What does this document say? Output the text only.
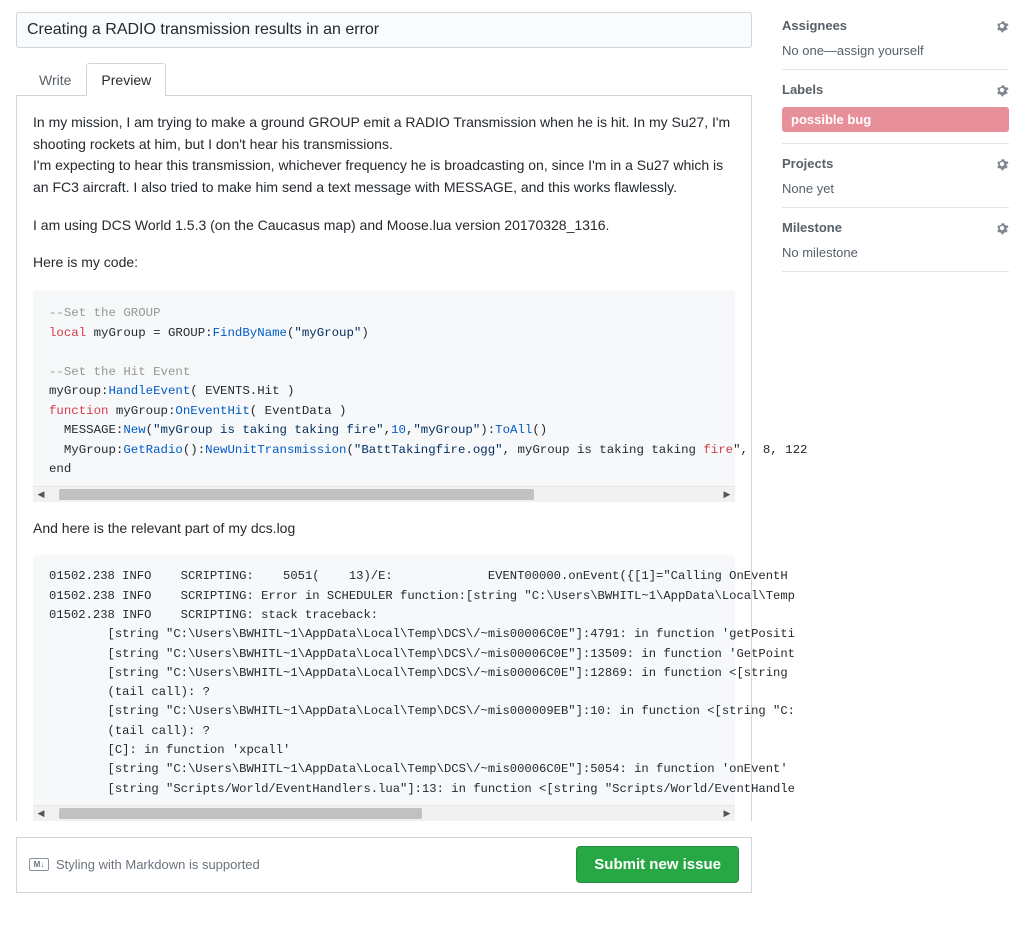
Creating a RADIO transmission results in an error
Write	Preview

In my mission, I am trying to make a ground GROUP emit a RADIO Transmission when he is hit. In my Su27, I'm shooting rockets at him, but I don't hear his transmissions.
I'm expecting to hear this transmission, whichever frequency he is broadcasting on, since I'm in a Su27 which is an FC3 aircraft. I also tried to make him send a text message with MESSAGE, and this works flawlessly.

I am using DCS World 1.5.3 (on the Caucasus map) and Moose.lua version 20170328_1316.

Here is my code:

--Set the GROUP
local myGroup = GROUP:FindByName("myGroup")

--Set the Hit Event
myGroup:HandleEvent( EVENTS.Hit )
function myGroup:OnEventHit( EventData )
MESSAGE:New("myGroup is taking taking fire",10,"myGroup"):ToAll()
MyGroup:GetRadio():NewUnitTransmission("BattTakingfire.ogg", myGroup is taking taking fire",  8, 122
end
◀	▶

And here is the relevant part of my dcs.log

01502.238 INFO    SCRIPTING:    5051(    13)/E:             EVENT00000.onEvent({[1]="Calling OnEventH
01502.238 INFO    SCRIPTING: Error in SCHEDULER function:[string "C:\Users\BWHITL~1\AppData\Local\Temp
01502.238 INFO    SCRIPTING: stack traceback:
[string "C:\Users\BWHITL~1\AppData\Local\Temp\DCS\/~mis00006C0E"]:4791: in function 'getPositi
[string "C:\Users\BWHITL~1\AppData\Local\Temp\DCS\/~mis00006C0E"]:13509: in function 'GetPoint
[string "C:\Users\BWHITL~1\AppData\Local\Temp\DCS\/~mis00006C0E"]:12869: in function <[string
(tail call): ?
[string "C:\Users\BWHITL~1\AppData\Local\Temp\DCS\/~mis000009EB"]:10: in function <[string "C:
(tail call): ?
[C]: in function 'xpcall'
[string "C:\Users\BWHITL~1\AppData\Local\Temp\DCS\/~mis00006C0E"]:5054: in function 'onEvent'
[string "Scripts/World/EventHandlers.lua"]:13: in function <[string "Scripts/World/EventHandle
◀	▶
M↓ Styling with Markdown is supported	Submit new issue
Assignees
No one—assign yourself
Labels
possible bug
Projects
None yet
Milestone
No milestone
